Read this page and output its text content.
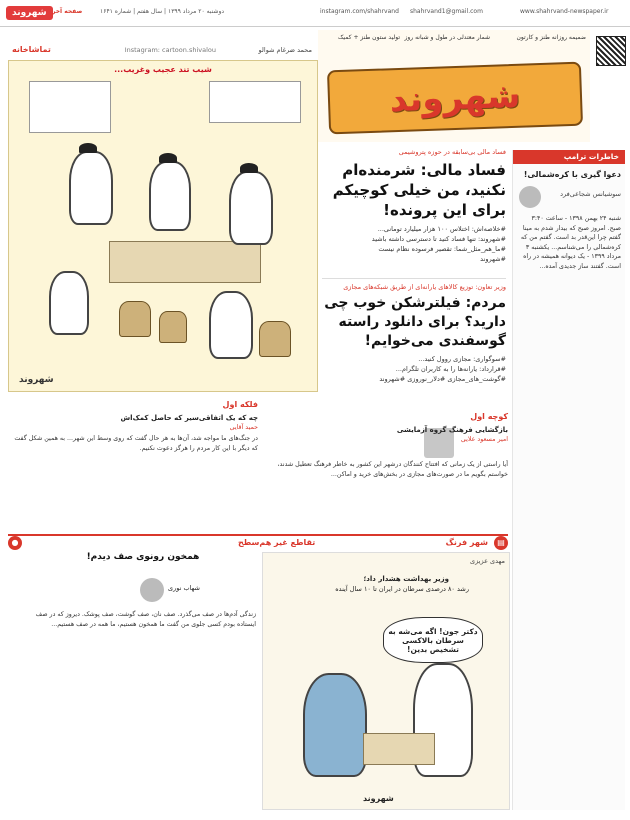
شهروند صفحه آخر	دوشنبه ۲۰ مرداد ۱۳۹۹ | سال هفتم | شماره ۱۶۴۱	instagram.com/shahrvand shahrvand1@gmail.com	www.shahrvand-newspaper.ir
ضمیمه روزانه طنز و کارتون
شمار معتدلی در طول و شبانه روز
تولید ستون طنز + کمیک
شهروند
محمد ضرغام شوالو
Instagram: cartoon.shivalou
تماشاخانه
شیب تند عجیب وغریب...
شهروند
فساد مالی بی‌سابقه در حوزه پتروشیمی
فساد مالی: شرمنده‌ام نکنید، من خیلی کوچیکم برای این پرونده!
#خلاصه‌اش: اختلاس ۱۰۰ هزار میلیارد تومانی...
#شهروند: تنها فساد کنید تا دسترسی داشته باشید
#ما_هم_مثل_شما: تقصیر فرسوده نظام نیست
#شهروند
وزیر تعاون: توزیع کالاهای یارانه‌ای از طریق شبکه‌های مجازی
مردم: فیلترشکن خوب چی دارید؟ برای دانلود راسته گوسفندی می‌خوایم!
#سوگواری: مجازی روول کنید...
#قرارداد: یارانه‌ها را به کاربران تلگرام...
#گوشت_های_مجازی #دلار_نوروزی #شهروند
خاطرات ترامپ
دعوا گیری با کره‌شمالی!
سوشیانس شجاعی‌فرد
شنبه ۲۴ بهمن ۱۳۹۸ - ساعت ۳:۴۰ صبح. امروز صبح که بیدار شدم به مینا گفتم چرا این‌قدر بد است. گفتم من که کره‌شمالی را می‌شناسم... یکشنبه ۳ مرداد ۱۳۹۹ - یک دیوانه همیشه در راه است. گفتند ساز جدیدی آمده...
فلکه اول
چه که یک اتفاقی‌سیر که حاصل کمک‌اش
حمید آقایی
در جنگ‌های ما مواجه شد، آن‌ها به هر حال گفت که روی وسط این شهر... به همین شکل گفت که دیگر با این کار مردم را هرگز دعوت نکنیم.
کوچه اول
بازگشایی فرهنگ گروه آزمایشی
امیر مسعود علایی
آیا راستی از یک زمانی که افتتاح کنندگان درشهر این کشور به خاطر فرهنگ تعطیل شدند، خواستم بگویم ما در صورت‌های مجازی در بخش‌های خرید و اماکن...
تقاطع غیر هم‌سطح	شهر فرنگ
●	▤
همخون رونوی صف دیدم!
شهاب نوری
زندگی آدم‌ها در صف می‌گذرد. صف نان، صف گوشت، صف پوشک. دیروز که در صف ایستاده بودم کسی جلوی من گفت ما همخون هستیم، ما همه در صف هستیم...
مهدی عزیزی
وزیر بهداشت هشدار داد؛
رشد ۸۰ درصدی سرطان در ایران تا ۱۰ سال آینده
دکتر جون! اگه می‌شه به سرطان بالاکسی تشخیص بدین!
شهروند
